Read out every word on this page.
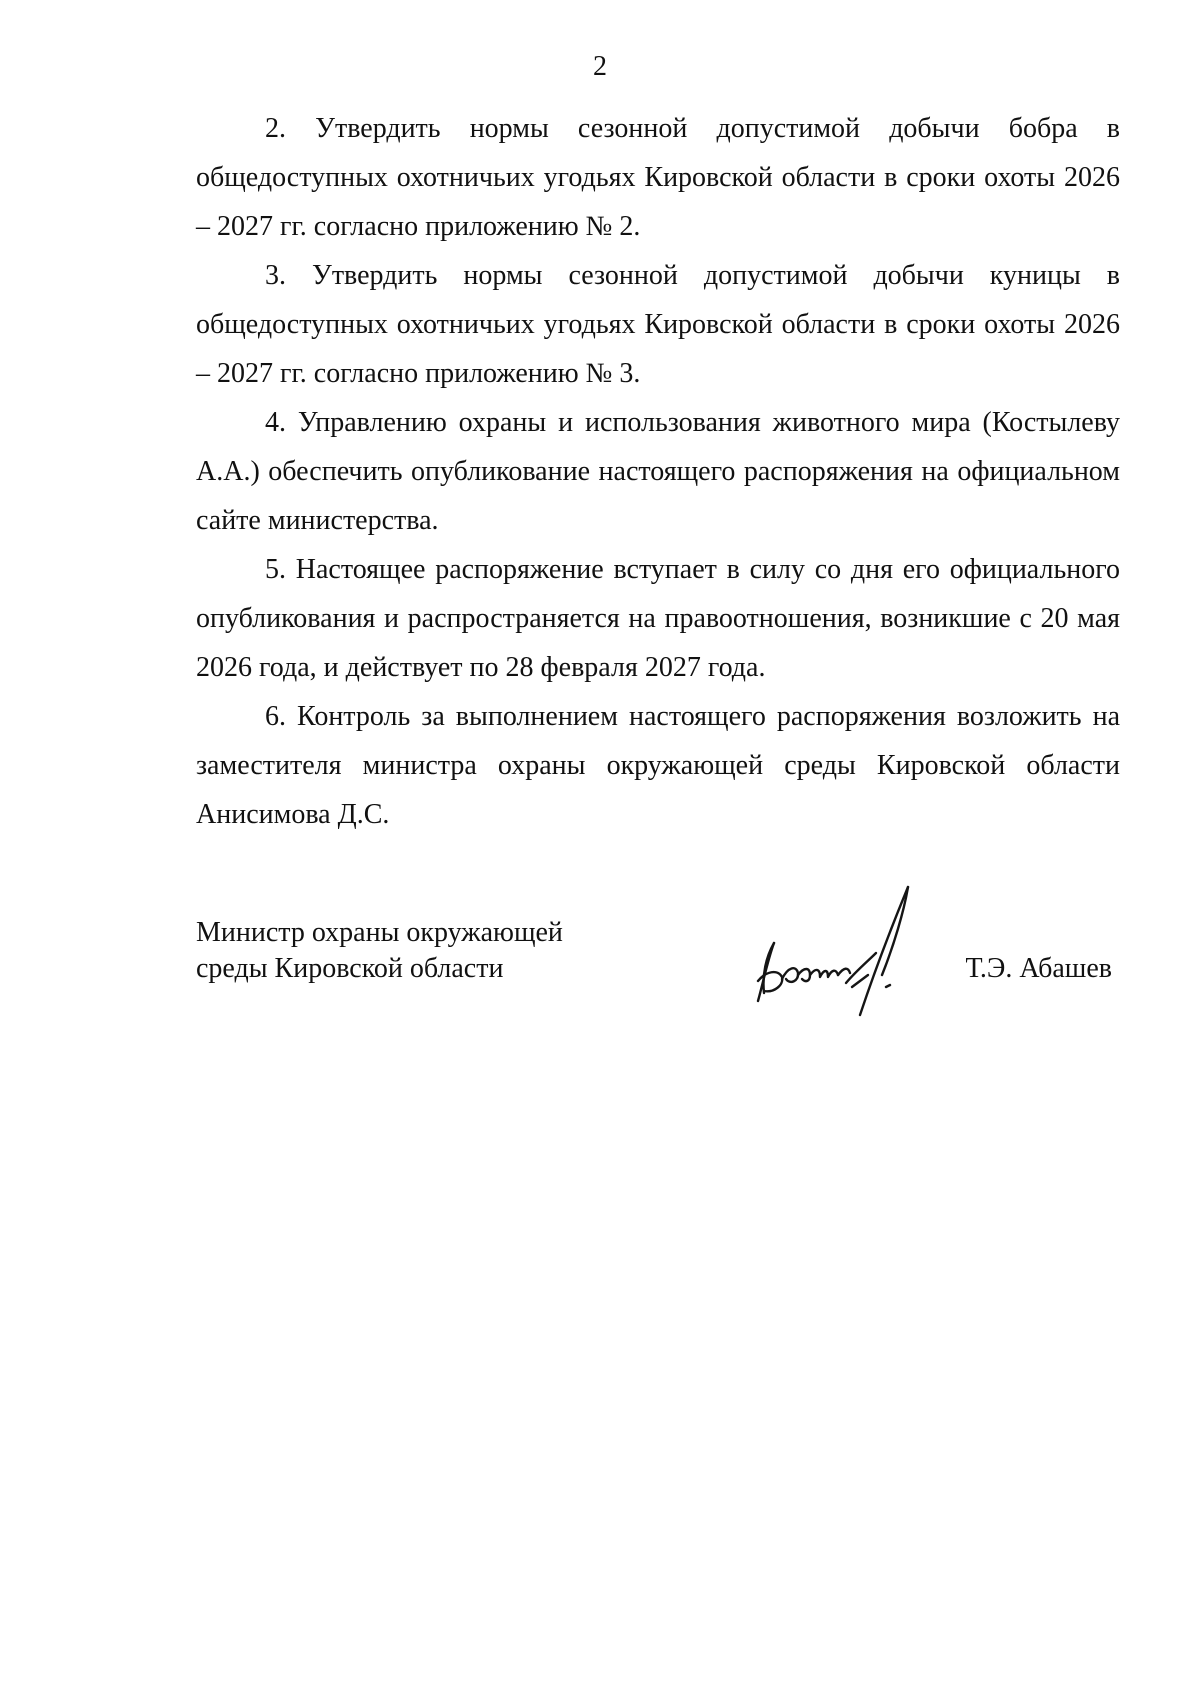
2

2. Утвердить нормы сезонной допустимой добычи бобра в общедоступных охотничьих угодьях Кировской области в сроки охоты 2026 – 2027 гг. согласно приложению № 2.

3. Утвердить нормы сезонной допустимой добычи куницы в общедоступных охотничьих угодьях Кировской области в сроки охоты 2026 – 2027 гг. согласно приложению № 3.

4. Управлению охраны и использования животного мира (Костылеву А.А.) обеспечить опубликование настоящего распоряжения на официальном сайте министерства.

5. Настоящее распоряжение вступает в силу со дня его официального опубликования и распространяется на правоотношения, возникшие с 20 мая 2026 года, и действует по 28 февраля 2027 года.

6. Контроль за выполнением настоящего распоряжения возложить на заместителя министра охраны окружающей среды Кировской области Анисимова Д.С.

Министр охраны окружающей
среды Кировской области	Т.Э. Абашев
